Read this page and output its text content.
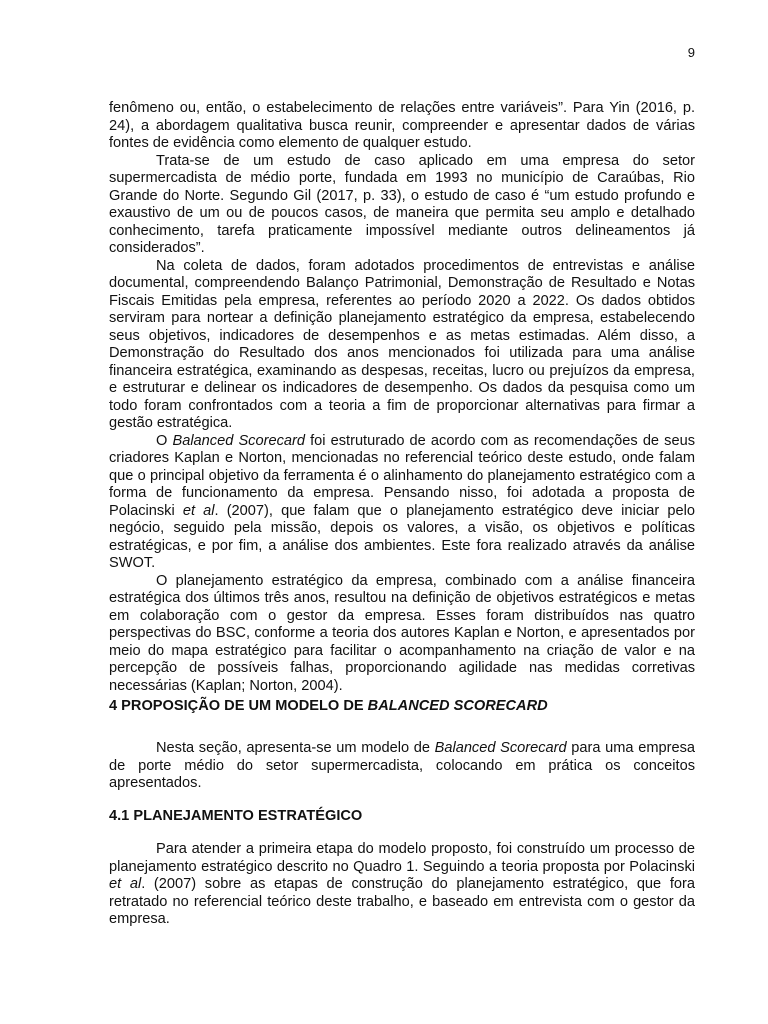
9

fenômeno ou, então, o estabelecimento de relações entre variáveis”. Para Yin (2016, p. 24), a abordagem qualitativa busca reunir, compreender e apresentar dados de várias fontes de evidência como elemento de qualquer estudo.

Trata-se de um estudo de caso aplicado em uma empresa do setor supermercadista de médio porte, fundada em 1993 no município de Caraúbas, Rio Grande do Norte. Segundo Gil (2017, p. 33), o estudo de caso é “um estudo profundo e exaustivo de um ou de poucos casos, de maneira que permita seu amplo e detalhado conhecimento, tarefa praticamente impossível mediante outros delineamentos já considerados”.

Na coleta de dados, foram adotados procedimentos de entrevistas e análise documental, compreendendo Balanço Patrimonial, Demonstração de Resultado e Notas Fiscais Emitidas pela empresa, referentes ao período 2020 a 2022. Os dados obtidos serviram para nortear a definição planejamento estratégico da empresa, estabelecendo seus objetivos, indicadores de desempenhos e as metas estimadas. Além disso, a Demonstração do Resultado dos anos mencionados foi utilizada para uma análise financeira estratégica, examinando as despesas, receitas, lucro ou prejuízos da empresa, e estruturar e delinear os indicadores de desempenho. Os dados da pesquisa como um todo foram confrontados com a teoria a fim de proporcionar alternativas para firmar a gestão estratégica.

O Balanced Scorecard foi estruturado de acordo com as recomendações de seus criadores Kaplan e Norton, mencionadas no referencial teórico deste estudo, onde falam que o principal objetivo da ferramenta é o alinhamento do planejamento estratégico com a forma de funcionamento da empresa. Pensando nisso, foi adotada a proposta de Polacinski et al. (2007), que falam que o planejamento estratégico deve iniciar pelo negócio, seguido pela missão, depois os valores, a visão, os objetivos e políticas estratégicas, e por fim, a análise dos ambientes. Este fora realizado através da análise SWOT.

O planejamento estratégico da empresa, combinado com a análise financeira estratégica dos últimos três anos, resultou na definição de objetivos estratégicos e metas em colaboração com o gestor da empresa. Esses foram distribuídos nas quatro perspectivas do BSC, conforme a teoria dos autores Kaplan e Norton, e apresentados por meio do mapa estratégico para facilitar o acompanhamento na criação de valor e na percepção de possíveis falhas, proporcionando agilidade nas medidas corretivas necessárias (Kaplan; Norton, 2004).

4 PROPOSIÇÃO DE UM MODELO DE BALANCED SCORECARD

Nesta seção, apresenta-se um modelo de Balanced Scorecard para uma empresa de porte médio do setor supermercadista, colocando em prática os conceitos apresentados.

4.1 PLANEJAMENTO ESTRATÉGICO

Para atender a primeira etapa do modelo proposto, foi construído um processo de planejamento estratégico descrito no Quadro 1. Seguindo a teoria proposta por Polacinski et al. (2007) sobre as etapas de construção do planejamento estratégico, que fora retratado no referencial teórico deste trabalho, e baseado em entrevista com o gestor da empresa.
